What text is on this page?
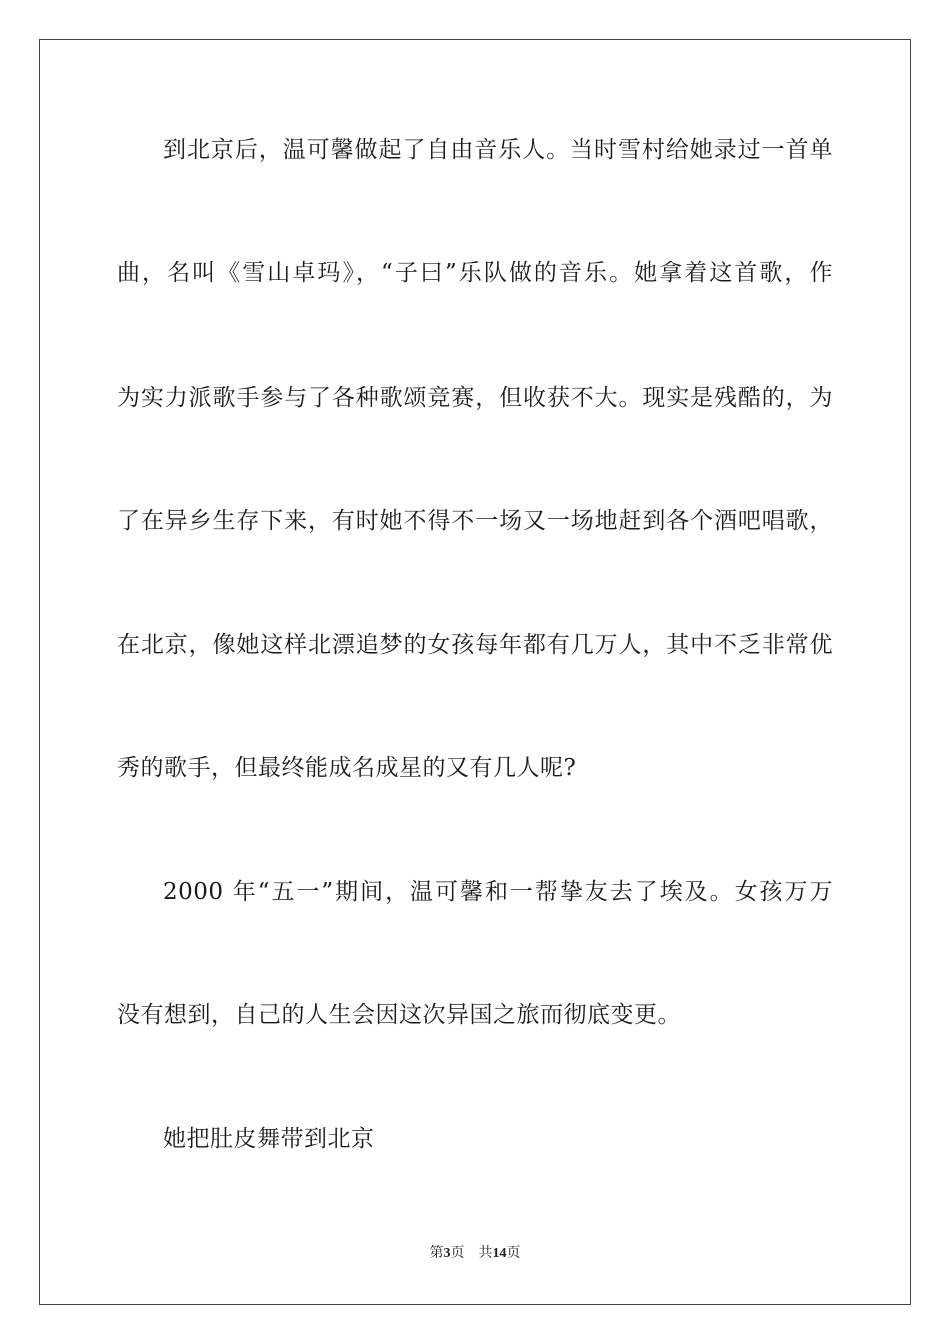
到北京后，温可馨做起了自由音乐人。当时雪村给她录过一首单
曲，名叫《雪山卓玛》，“子曰”乐队做的音乐。她拿着这首歌，作
为实力派歌手参与了各种歌颂竞赛，但收获不大。现实是残酷的，为
了在异乡生存下来，有时她不得不一场又一场地赶到各个酒吧唱歌，
在北京，像她这样北漂追梦的女孩每年都有几万人，其中不乏非常优
秀的歌手，但最终能成名成星的又有几人呢?
2000 年“五一”期间，温可馨和一帮挚友去了埃及。女孩万万
没有想到，自己的人生会因这次异国之旅而彻底变更。
她把肚皮舞带到北京
第3页 共14页
